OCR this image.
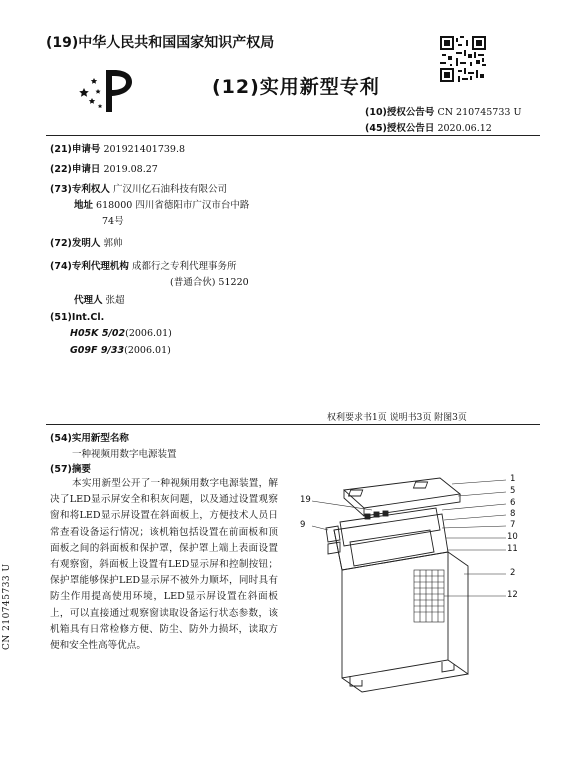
(19)中华人民共和国国家知识产权局
(12)实用新型专利
(10)授权公告号 CN 210745733 U
(45)授权公告日 2020.06.12
(21)申请号 201921401739.8
(22)申请日 2019.08.27
(73)专利权人 广汉川亿石油科技有限公司
地址 618000 四川省德阳市广汉市台中路
74号
(72)发明人 郭帅
(74)专利代理机构 成都行之专利代理事务所
(普通合伙) 51220
代理人 张超
(51)Int.Cl.
H05K 5/02(2006.01)
G09F 9/33(2006.01)
权利要求书1页 说明书3页 附图3页
(54)实用新型名称
一种视频用数字电源装置
(57)摘要
本实用新型公开了一种视频用数字电源装置，解决了LED显示屏安全和积灰问题，以及通过设置观察窗和将LED显示屏设置在斜面板上，方便技术人员日常查看设备运行情况；该机箱包括设置在前面板和顶面板之间的斜面板和保护罩，保护罩上端上表面设置有观察窗，斜面板上设置有LED显示屏和控制按钮；保护罩能够保护LED显示屏不被外力顺坏，同时具有防尘作用提高使用环境，LED显示屏设置在斜面板上，可以直接通过观察窗读取设备运行状态参数，该机箱具有日常检修方便、防尘、防外力损坏，读取方便和安全性高等优点。
CN 210745733 U
1
5
6
8
7
10
11
2
12
19
9
